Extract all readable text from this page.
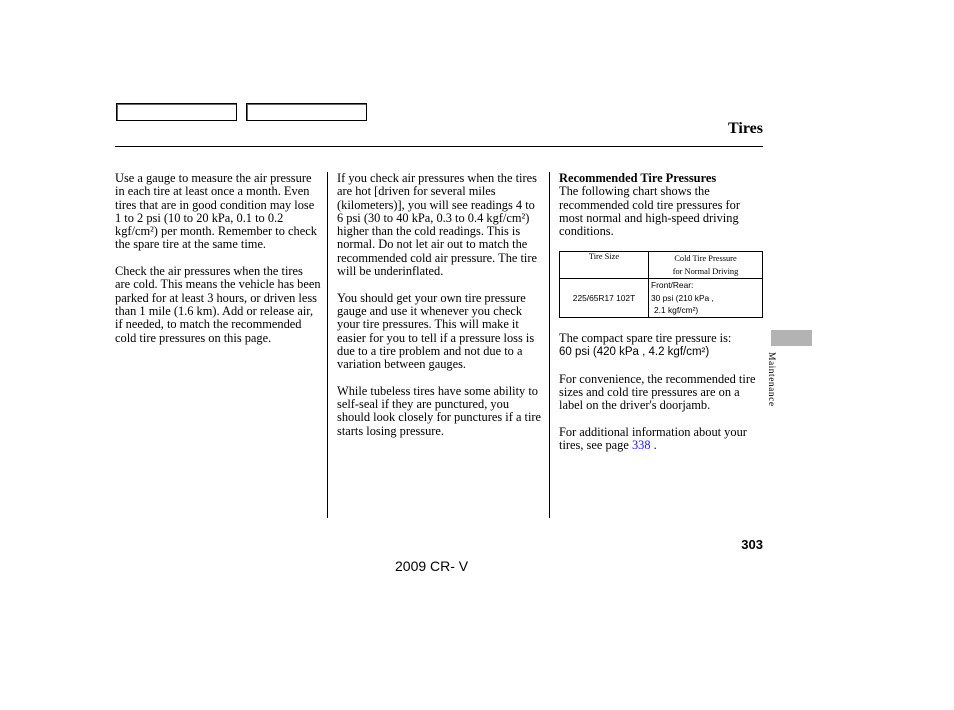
Tires

Use a gauge to measure the air pressure in each tire at least once a month. Even tires that are in good condition may lose 1 to 2 psi (10 to 20 kPa, 0.1 to 0.2 kgf/cm²) per month. Remember to check the spare tire at the same time.

Check the air pressures when the tires are cold. This means the vehicle has been parked for at least 3 hours, or driven less than 1 mile (1.6 km). Add or release air, if needed, to match the recommended cold tire pressures on this page.

If you check air pressures when the tires are hot [driven for several miles (kilometers)], you will see readings 4 to 6 psi (30 to 40 kPa, 0.3 to 0.4 kgf/cm²) higher than the cold readings. This is normal. Do not let air out to match the recommended cold air pressure. The tire will be underinflated.

You should get your own tire pressure gauge and use it whenever you check your tire pressures. This will make it easier for you to tell if a pressure loss is due to a tire problem and not due to a variation between gauges.

While tubeless tires have some ability to self-seal if they are punctured, you should look closely for punctures if a tire starts losing pressure.

Recommended Tire Pressures

The following chart shows the recommended cold tire pressures for most normal and high-speed driving conditions.

Tire Size	Cold Tire Pressure
for Normal Driving

225/65R17 102T	Front/Rear:
30 psi (210 kPa ,
2.1 kgf/cm²)

The compact spare tire pressure is:
60 psi (420 kPa , 4.2 kgf/cm²)

For convenience, the recommended tire sizes and cold tire pressures are on a label on the driver's doorjamb.

For additional information about your tires, see page 338 .

Maintenance
303
2009 CR- V
